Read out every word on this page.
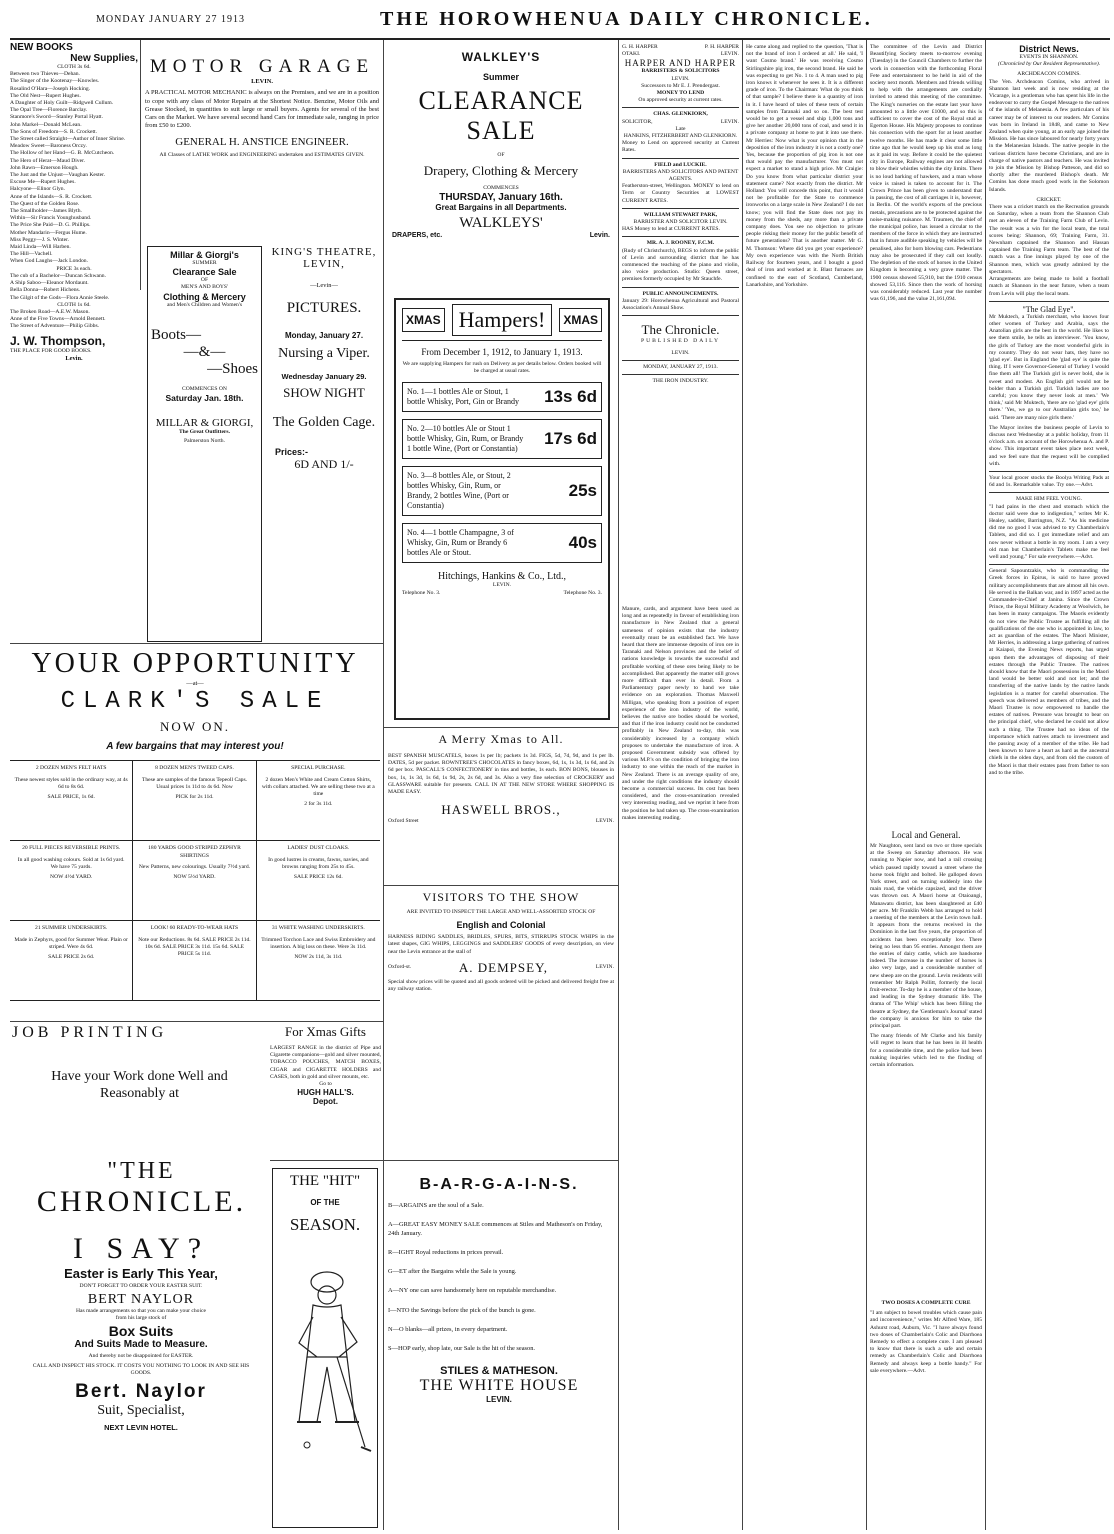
MONDAY JANUARY 27 1913	THE HOROWHENUA DAILY CHRONICLE.
NEW BOOKS
New Supplies,
CLOTH 3s 6d.
Between two Thieves—Dehan.
The Singer of the Kootenay—Knowles.
Rosalind O'Hara—Joseph Hocking.
The Old Nest—Rupert Hughes.
A Daughter of Holy Guilt—Ridgwell Cullum.
The Opal Tree—Florence Barclay.
Stanmore's Sword—Stanley Portal Hyatt.
John Markel—Donald McLean.
The Sons of Freedom—S. R. Crockett.
The Street called Straight—Author of Inner Shrine.
Meadow Sweet—Baroness Orczy.
The Hollow of her Hand—G. B. McCutcheon.
The Hero of Herat—Maud Diver.
John Rawn—Emerson Hough.
The Just and the Unjust—Vaughan Kester.
Excuse Me—Rupert Hughes.
Halcyone—Elinor Glyn.
Anne of the Islands—S. R. Crockett.
The Quest of the Golden Rose.
The Smallholder—James Blyth.
Within—Sir Francis Younghusband.
The Price She Paid—D. G. Phillips.
Mother Mandarin—Fergus Hume.
Miss Peggy—J. S. Winter.
Maid Linda—Will Harben.
The Hill—Vachell.
When God Laughs—Jack London.
PRICE 3s each.
The cub of a Bachelor—Duncan Schwann.
A Ship Saboo—Eleanor Mordaunt.
Bella Donna—Robert Hichens.
The Gilgit of the Gods—Flora Annie Steele.
CLOTH 1s 6d.
The Broken Road—A.E.W. Mason.
Anne of the Five Towns—Arnold Bennett.
The Street of Adventure—Philip Gibbs.
J. W. Thompson,
THE PLACE FOR GOOD BOOKS.
Levin.
MOTOR GARAGE
LEVIN.
A PRACTICAL MOTOR MECHANIC is always on the Premises, and we are in a position to cope with any class of Motor Repairs at the Shortest Notice. Benzine, Motor Oils and Grease Stocked, in quantities to suit large or small buyers. Agents for several of the best Cars on the Market. We have several second hand Cars for immediate sale, ranging in price from £50 to £200.
GENERAL H. ANSTICE ENGINEER.
All Classes of LATHE WORK and ENGINEERING undertaken and ESTIMATES GIVEN.
Millar & Giorgi's
SUMMER
Clearance Sale
OF
MEN'S AND BOYS'
Clothing & Mercery
and Men's Children and Women's
Boots—
—&—
—Shoes
COMMENCES ON
Saturday Jan. 18th.
MILLAR & GIORGI,
The Great Outfitters.
Palmerston North.
KING'S THEATRE, LEVIN,
—Levin—
PICTURES.
Monday, January 27.
Nursing a Viper.
Wednesday January 29.
SHOW NIGHT
The Golden Cage.
Prices:-
6D AND 1/-
YOUR OPPORTUNITY
—at—
CLARK'S SALE
NOW ON.
A few bargains that may interest you!
2 DOZEN MEN'S FELT HATS
These newest styles sold in the ordinary way, at 4s 6d to 8s 6d.
SALE PRICE, 1s 6d.
8 DOZEN MEN'S TWEED CAPS.
These are samples of the famous Tepeoll Caps. Usual prices 1s 11d to 4s 6d. Now
PICK for 2s 11d.
SPECIAL PURCHASE.
2 dozen Men's White and Cream Cotton Shirts, with collars attached. We are selling these two at a time
2 for 3s 11d.
20 FULL PIECES REVERSIBLE PRINTS.
In all good washing colours. Sold at 1s 6d yard. We have 75 yards.
NOW 4½d YARD.
180 YARDS GOOD STRIPED ZEPHYR SHIRTINGS
New Patterns, new colourings. Usually 7½d yard.
NOW 5½d YARD.
LADIES' DUST CLOAKS.
In good lustres in creams, fawns, navies, and browns ranging from 25s to 45s.
SALE PRICE 12s 6d.
21 SUMMER UNDERSKIRTS.
Made in Zephyrs, good for Summer Wear. Plain or striped. Were 4s 6d.
SALE PRICE 2s 6d.
LOOK! 60 READY-TO-WEAR HATS
Note our Reductions. 8s 6d. SALE PRICE 2s 11d. 10s 6d. SALE PRICE 3s 11d. 15s 6d. SALE PRICE 5s 11d.
31 WHITE WASHING UNDERSKIRTS.
Trimmed Torchon Lace and Swiss Embroidery and insertion. A big loss on these. Were 3s 11d.
NOW 2s 11d, 3s 11d.
JOB PRINTING
Have your Work done Well and Reasonably at
For Xmas Gifts
LARGEST RANGE in the district of Pipe and Cigarette companions—gold and silver mounted, TOBACCO POUCHES, MATCH BOXES, CIGAR and CIGARETTE HOLDERS and CASES, both in gold and silver mounts, etc.
Go to
HUGH HALL'S.
Depot.
"THE
CHRONICLE.
I SAY?
Easter is Early This Year,
DON'T FORGET TO ORDER YOUR EASTER SUIT.
BERT NAYLOR
Has made arrangements so that you can make your choice
from his large stock of
Box Suits
And Suits Made to Measure.
And thereby not be disappointed for EASTER.
CALL AND INSPECT HIS STOCK. IT COSTS YOU NOTHING TO LOOK IN AND SEE HIS GOODS.
Bert. Naylor
Suit, Specialist,
NEXT LEVIN HOTEL.
WALKLEY'S
Summer
CLEARANCE SALE
OF
Drapery, Clothing & Mercery
COMMENCES
THURSDAY, January 16th.
Great Bargains in all Departments.
WALKLEYS'
DRAPERS, etc.	Levin.
XMAS Hampers!	XMAS
From December 1, 1912, to January 1, 1913.
We are supplying Hampers for rush on Delivery as per details below. Orders booked will be charged at usual rates.
No. 1—1 bottles Ale or Stout, 1 bottle Whisky, Port, Gin or Brandy	13s 6d
No. 2—10 bottles Ale or Stout 1 bottle Whisky, Gin, Rum, or Brandy 1 bottle Wine, (Port or Constantia)
17s 6d
No. 3—8 bottles Ale, or Stout, 2 bottles Whisky, Gin, Rum, or Brandy, 2 bottles Wine, (Port or Constantia)
25s
No. 4—1 bottle Champagne, 3 of Whisky, Gin, Rum or Brandy 6 bottles Ale or Stout.
40s
Hitchings, Hankins & Co., Ltd.,
LEVIN.
Telephone No. 3.	Telephone No. 3.
A Merry Xmas to All.
BEST SPANISH MUSCATELS, boxes 1s per lb; packets 1s 3d. FIGS, 5d, 7d, 9d, and 1s per lb. DATES, 5d per packet. ROWNTREE'S CHOCOLATES in fancy boxes, 6d, 1s, 1s 3d, 1s 6d, and 2s 6d per box. PASCALL'S CONFECTIONERY in tins and bottles, 1s each. BON BONS, blouses in box, 1s, 1s 3d, 1s 6d, 1s 9d, 2s, 2s 6d, and 3s. Also a very fine selection of CROCKERY and GLASSWARE suitable for presents. CALL IN AT THE NEW STORE WHERE SHOPPING IS MADE EASY.
HASWELL BROS.,
Oxford Street	LEVIN.
VISITORS TO THE SHOW
ARE INVITED TO INSPECT THE LARGE AND WELL-ASSORTED STOCK OF
English and Colonial
HARNESS RIDING SADDLES, BRIDLES, SPURS, BITS, STIRRUPS STOCK WHIPS in the latest shapes, GIG WHIPS, LEGGINGS and SADDLERS' GOODS of every description, on view near the Levin entrance at the stall of
Oxford-st.	A. DEMPSEY,	LEVIN.
Special show prices will be quoted and all goods ordered will be picked and delivered freight free at any railway station.
THE "HIT"
OF THE
SEASON.
B-A-R-G-A-I-N-S.
B—ARGAINS are the soul of a Sale.
A—GREAT EASY MONEY SALE commences at Stiles and Matheson's on Friday, 24th January.
R—IGHT Royal reductions in prices prevail.
G—ET after the Bargains while the Sale is young.
A—NY one can save handsomely here on reputable merchandise.
I—NTO the Savings before the pick of the bunch is gone.
N—O blanks—all prizes, in every department.
S—HOP early, shop late, our Sale is the hit of the season.
STILES & MATHESON.
THE WHITE HOUSE
LEVIN.
G. H. HARPER	P. H. HARPER
OTAKI.	LEVIN.
HARPER AND HARPER
BARRISTERS & SOLICITORS
LEVIN.
Successors to Mr E. J. Prendergast.
MONEY TO LEND
On approved security at current rates.
CHAS. GLENKIORN,
SOLICITOR,	LEVIN.
Late
HANKINS, FITZHERBERT AND GLENKIORN.
Money to Lend on approved security at Current Rates.
FIELD and LUCKIE.
BARRISTERS AND SOLICITORS AND PATENT AGENTS.
Featherston-street, Wellington. MONEY to lend on Term or Country Securities at LOWEST CURRENT RATES.
WILLIAM STEWART PARK,
BARRISTER AND SOLICITOR LEVIN.
HAS Money to lend at CURRENT RATES.
MR. A. J. ROONEY, F.C.M.
(Rudy of Christchurch), BEGS to inform the public of Levin and surrounding district that he has commenced the teaching of the piano and violin, also voice production. Studio: Queen street, premises formerly occupied by Mr Stauchfe.
PUBLIC ANNOUNCEMENTS.
January 29: Horowhenua Agricultural and Pastoral Association's Annual Show.
The Chronicle.
PUBLISHED DAILY
LEVIN.
MONDAY, JANUARY 27, 1913.
THE IRON INDUSTRY.
Manure, cards, and argument have been used as long and as repeatedly in favour of establishing iron manufacture in New Zealand that a general sameness of opinion exists that the industry eventually must be an established fact. We have heard that there are immense deposits of iron ore in Taranaki and Nelson provinces and the belief of nations knowledge is towards the successful and profitable working of these ores being likely to be accomplished. But apparently the matter still grows more difficult than ever in detail. From a Parliamentary paper newly to hand we take evidence on an exploration. Thomas Maxwell Milligan, who speaking from a position of expert experience of the iron industry of the world, believes the native ore bodies should be worked, and that if the iron industry could not be conducted profitably in New Zealand to-day, this was considerably increased by a company which proposes to undertake the manufacture of iron. A proposed Government subsidy was offered by various M.P.'s on the condition of bringing the iron industry to one within the reach of the market in New Zealand. There is an average quality of ore, and under the right conditions the industry should become a commercial success. Its cost has been considered, and the cross-examination revealed very interesting reading, and we reprint it here from the position he had taken up. The cross-examination makes interesting reading.
He came along and replied to the question, 'That is not the brand of iron I ordered at all.' He said, 'I want Cosmo brand.' He was receiving Cosmo Stirlingshire pig iron, the second brand. He said he was expecting to get No. 1 to 4. A man used to pig iron knows it whenever he sees it. It is a different grade of iron. To the Chairman: What do you think of that sample? I believe there is a quantity of iron in it. I have heard of tales of these tests of certain samples from Taranaki and so on. The best test would be to get a vessel and ship 1,000 tons and give her another 20,000 tons of coal, and send it in a private company at home to put it into use there. Mr Herries: Now what is your opinion that in the deposition of the iron industry it is not a costly one? Yes, because the proportion of pig iron is not one that would pay the manufacturer. You must not expect a market to stand a high price. Mr Craigie: Do you know from what particular district your statement came? Not exactly from the district. Mr Holland: You will concede this point, that it would not be profitable for the State to commence ironworks on a large scale in New Zealand? I do not know; you will find the State does not pay its money from the sheds, any more than a private company does. You see no objection to private people risking their money for the public benefit of future generations? That is another matter. Mr G. M. Thomson: Where did you get your experience? My own experience was with the North British Railway for fourteen years, and I bought a good deal of iron and worked at it. Blast furnaces are confined to the east of Scotland, Cumberland, Lanarkshire, and Yorkshire.
The committee of the Levin and District Beautifying Society meets to-morrow evening (Tuesday) in the Council Chambers to further the work in connection with the forthcoming Floral Fete and entertainment to be held in aid of the society next month. Members and friends willing to help with the arrangements are cordially invited to attend this meeting of the committee. The King's nurseries on the estate last year have amounted to a little over £1000, and so this is sufficient to cover the cost of the Royal stud at Egerton House. His Majesty proposes to continue his connection with the sport for at least another twelve months. He has made it clear some little time ago that he would keep up his stud as long as it paid its way. Before it could be the quietest city in Europe, Railway engines are not allowed to blow their whistles within the city limits. There is no loud barking of hawkers, and a man whose voice is raised is taken to account for it. The Crown Prince has been given to understand that in passing, the cost of all carriages it is, however, in Berlin. Of the world's exports of the precious metals, precautions are to be protected against the noise-making nuisance. M. Traumen, the chief of the municipal police, has issued a circular to the members of the force in which they are instructed that in future audible speaking by vehicles will be penalised, also for horn blowing cars. Pedestrians may also be prosecuted if they call out loudly. The depletion of the stock of horses in the United Kingdom is becoming a very grave matter. The 1900 census showed 55,910, but the 1910 census showed 53,116. Since then the work of horsing was considerably reduced. Last year the number was 61,196, and the value 21,161,094.
Local and General.
Mr Naughton, sent land on two or three specials at the Sweep on Saturday afternoon. He was running to Napier now, and had a rail crossing which passed rapidly toward a street where the horse took fright and bolted. He galloped down York street, and on turning suddenly into the main road, the vehicle capsized, and the driver was thrown out. A Maori horse at Otaioangi, Manawatu district, has been slaughtered at £40 per acre. Mr Franklin Webb has arranged to hold a meeting of the members at the Levin town hall. It appears from the returns received in the Dominion in the last five years, the proportion of accidents has been exceptionally low. There being no less than 95 entries. Amongst them are the entries of dairy cattle, which are handsome indeed. The increase in the number of horses is also very large, and a considerable number of new sheep are on the ground. Levin residents will remember Mr Ralph Pollitt, formerly the local fruit-erector. To-day he is a member of the house, and leading in the Sydney dramatic life. The drama of 'The Whip' which has been filling the theatre at Sydney, the 'Gentleman's Journal' stated the company is anxious for him to take the principal part.
The many friends of Mr Clarke and his family will regret to learn that he has been in ill health for a considerable time, and the police had been making inquiries which led to the finding of certain information.
TWO DOSES A COMPLETE CURE
"I am subject to bowel troubles which cause pain and inconvenience," writes Mr Alfred Ware, 185 Ashurst road, Auburn, Vic. "I have always found two doses of Chamberlain's Colic and Diarrhoea Remedy to effect a complete cure. I am pleased to know that there is such a safe and certain remedy as Chamberlain's Colic and Diarrhoea Remedy and always keep a bottle handy." For sale everywhere.—Advt.
District News.
EVENTS IN SHANNON.
(Chronicled by Our Resident Representative).
ARCHDEACON COMINS.
The Ven. Archdeacon Comins, who arrived in Shannon last week and is now residing at the Vicarage, is a gentleman who has spent his life in the endeavour to carry the Gospel Message to the natives of the islands of Melanesia. A few particulars of his career may be of interest to our readers. Mr Comins was born in Ireland in 1848, and came to New Zealand when quite young, at an early age joined the Mission. He has since laboured for nearly forty years in the Melanesian Islands. The native people in the various districts have become Christians, and are in charge of native pastors and teachers. He was invited to join the Mission by Bishop Patteson, and did so shortly after the murdered Bishop's death. Mr Comins has done much good work in the Solomon Islands.
CRICKET.
There was a cricket match on the Recreation grounds on Saturday, when a team from the Shannon Club met an eleven of the Training Farm Club of Levin. The result was a win for the local team, the total scores being: Shannon, 69; Training Farm, 31. Newnham captained the Shannon and Hassan captained the Training Farm team. The best of the match was a fine innings played by one of the Shannon men, which was greatly admired by the spectators.
Arrangements are being made to hold a football match at Shannon in the near future, when a team from Levin will play the local team.
"The Glad Eye".
Mr Muktech, a Turkish merchant, who knows four other women of Turkey and Arabia, says the Anatolian girls are the best in the world. He likes to see them smile, he tells an interviewer. 'You know, the girls of Turkey are the most wonderful girls in my country. They do not wear hats, they have no 'glad eye'. But in England the 'glad eye' is quite the thing. If I were Governor-General of Turkey I would fine them all! The Turkish girl is never bold, she is sweet and modest. An English girl would not be bolder than a Turkish girl. Turkish ladies are too careful; you know they never look at men.' 'We think,' said Mr Muktech, 'there are no 'glad eye' girls there.' 'Yes, we go to our Australian girls too,' he said. 'There are many nice girls there.'
The Mayor invites the business people of Levin to discuss next Wednesday at a public holiday, from 11 o'clock a.m. on account of the Horowhenua A. and P. show. This important event takes place next week, and we feel sure that the request will be complied with.
Your local grocer stocks the Boolya Writing Pads at 6d and 1s. Remarkable value. Try one.—Advt.
MAKE HIM FEEL YOUNG.
"I had pains in the chest and stomach which the doctor said were due to indigestion," writes Mr K. Healey, saddler, Barrington, N.Z. "As his medicine did me no good I was advised to try Chamberlain's Tablets, and did so. I got immediate relief and am now never without a bottle in my room. I am a very old man but Chamberlain's Tablets make me feel well and young." For sale everywhere.—Advt.
General Sapountzakis, who is commanding the Greek forces in Epirus, is said to have proved military accomplishments that are almost all his own. He served in the Balkan war, and in 1897 acted as the Commander-in-Chief at Janina. Since the Crown Prince, the Royal Military Academy at Woolwich, he has been in many campaigns. The Maoris evidently do not view the Public Trustee as fulfilling all the qualifications of the one who is appointed in law, to act as guardian of the estates. The Maori Minister, Mr Herries, in addressing a large gathering of natives at Kaiapoi, the Evening News reports, has urged upon them the advantages of disposing of their estates through the Public Trustee. The natives should know that the Maori possessions in the Maori land would be better sold and not let; and the transferring of the native lands by the native lands legislation is a matter for careful observation. The speech was delivered as members of tribes, and the Maori Trustee is now empowered to handle the estates of natives. Pressure was brought to bear on the principal chief, who declared he could not allow such a thing. The Trustee had no ideas of the importance which natives attach to investment and the passing away of a member of the tribe. He had been known to have a heart as hard as the ancestral chiefs in the olden days, and from old the custom of the Maori is that their estates pass from father to son and to the tribe.
